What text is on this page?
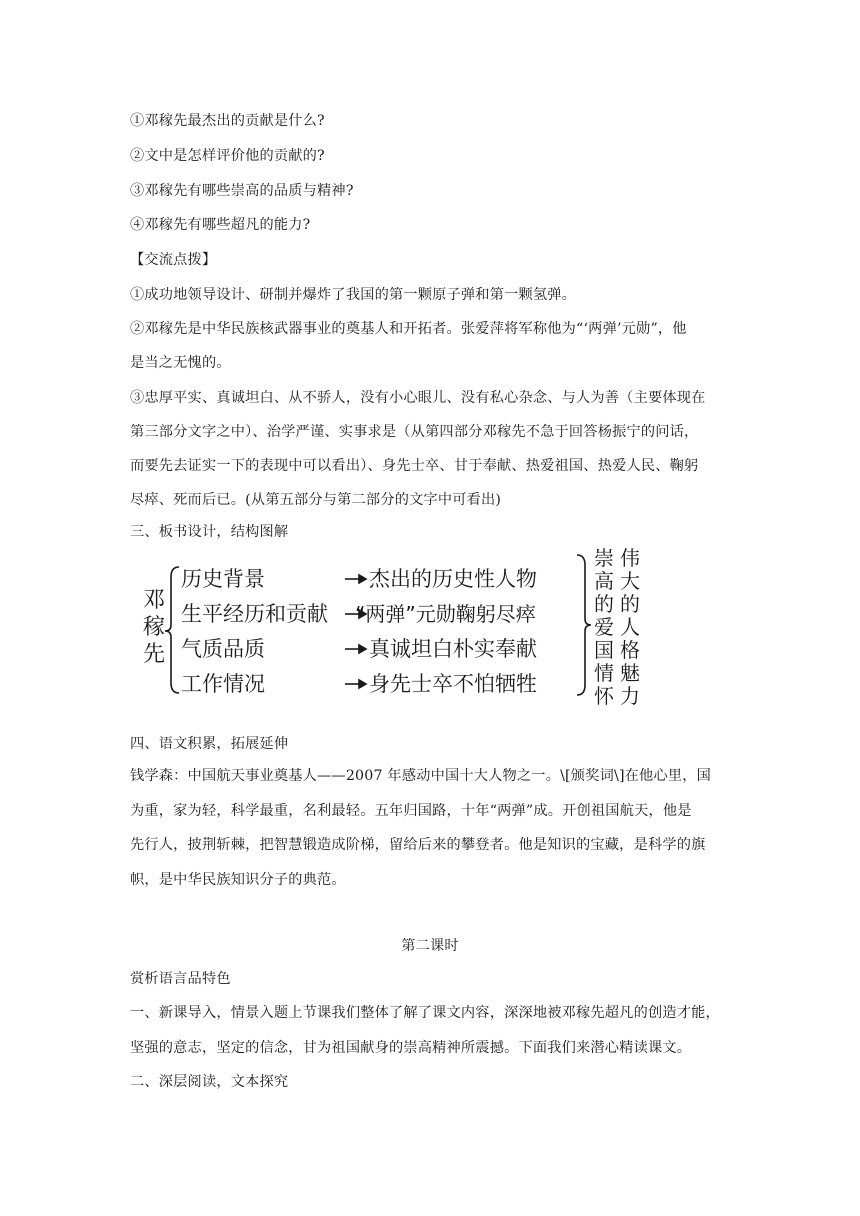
①邓稼先最杰出的贡献是什么?
②文中是怎样评价他的贡献的?
③邓稼先有哪些崇高的品质与精神?
④邓稼先有哪些超凡的能力?
【交流点拨】
①成功地领导设计、研制并爆炸了我国的第一颗原子弹和第一颗氢弹。
②邓稼先是中华民族核武器事业的奠基人和开拓者。张爱萍将军称他为“‘两弹’元勋”，他
是当之无愧的。
③忠厚平实、真诚坦白、从不骄人，没有小心眼儿、没有私心杂念、与人为善（主要体现在
第三部分文字之中）、治学严谨、实事求是（从第四部分邓稼先不急于回答杨振宁的问话，
而要先去证实一下的表现中可以看出）、身先士卒、甘于奉献、热爱祖国、热爱人民、鞠躬
尽瘁、死而后已。(从第五部分与第二部分的文字中可看出)
三、板书设计，结构图解
邓
稼
先
历史背景
生平经历和贡献
气质品质
工作情况
杰出的历史性人物
“两弹”元勋鞠躬尽瘁
真诚坦白朴实奉献
身先士卒不怕牺牲
崇
高
的
爱
国
情
怀
伟
大
的
人
格
魅
力
四、语文积累，拓展延伸
钱学森：中国航天事业奠基人——2007 年感动中国十大人物之一。\[颁奖词\]在他心里，国
为重，家为轻，科学最重，名利最轻。五年归国路，十年“两弹”成。开创祖国航天，他是
先行人，披荆斩棘，把智慧锻造成阶梯，留给后来的攀登者。他是知识的宝藏，是科学的旗
帜，是中华民族知识分子的典范。
第二课时
赏析语言品特色
一、新课导入，情景入题上节课我们整体了解了课文内容，深深地被邓稼先超凡的创造才能，
坚强的意志，坚定的信念，甘为祖国献身的崇高精神所震撼。下面我们来潜心精读课文。
二、深层阅读，文本探究
